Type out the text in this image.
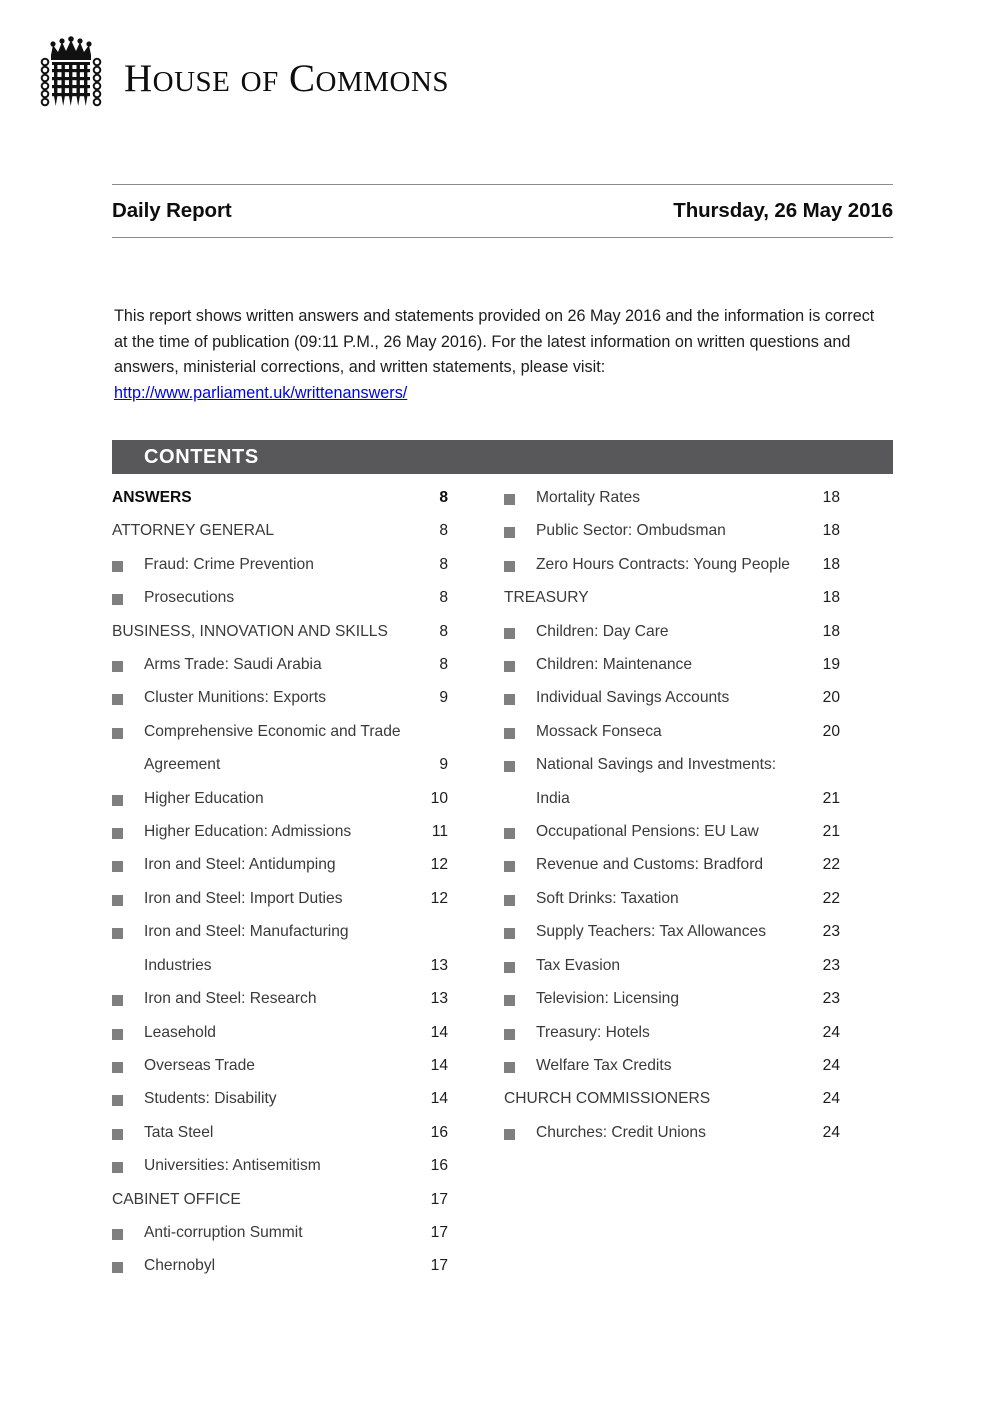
HOUSE OF COMMONS
Daily Report	Thursday, 26 May 2016

This report shows written answers and statements provided on 26 May 2016 and the information is correct at the time of publication (09:11 P.M., 26 May 2016). For the latest information on written questions and answers, ministerial corrections, and written statements, please visit: http://www.parliament.uk/writtenanswers/

CONTENTS
ANSWERS	8
ATTORNEY GENERAL	8
Fraud: Crime Prevention	8
Prosecutions	8
BUSINESS, INNOVATION AND SKILLS	8
Arms Trade: Saudi Arabia	8
Cluster Munitions: Exports	9
Comprehensive Economic and Trade Agreement	9
Higher Education	10
Higher Education: Admissions	11
Iron and Steel: Antidumping	12
Iron and Steel: Import Duties	12
Iron and Steel: Manufacturing Industries	13
Iron and Steel: Research	13
Leasehold	14
Overseas Trade	14
Students: Disability	14
Tata Steel	16
Universities: Antisemitism	16
CABINET OFFICE	17
Anti-corruption Summit	17
Chernobyl	17
Mortality Rates	18
Public Sector: Ombudsman	18
Zero Hours Contracts: Young People	18
TREASURY	18
Children: Day Care	18
Children: Maintenance	19
Individual Savings Accounts	20
Mossack Fonseca	20
National Savings and Investments: India	21
Occupational Pensions: EU Law	21
Revenue and Customs: Bradford	22
Soft Drinks: Taxation	22
Supply Teachers: Tax Allowances	23
Tax Evasion	23
Television: Licensing	23
Treasury: Hotels	24
Welfare Tax Credits	24
CHURCH COMMISSIONERS	24
Churches: Credit Unions	24
